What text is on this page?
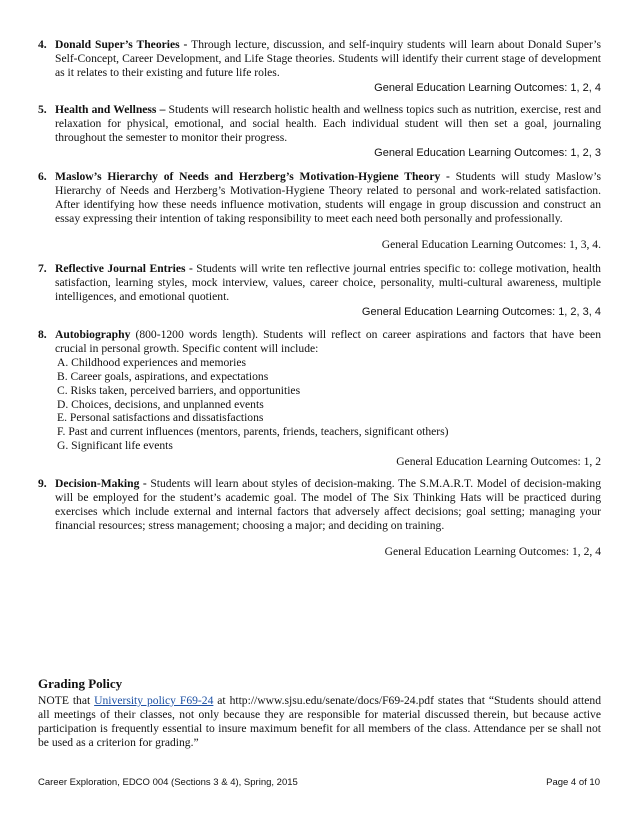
4. Donald Super’s Theories - Through lecture, discussion, and self-inquiry students will learn about Donald Super’s Self-Concept, Career Development, and Life Stage theories. Students will identify their current stage of development as it relates to their existing and future life roles.
General Education Learning Outcomes: 1, 2, 4
5. Health and Wellness – Students will research holistic health and wellness topics such as nutrition, exercise, rest and relaxation for physical, emotional, and social health. Each individual student will then set a goal, journaling throughout the semester to monitor their progress.
General Education Learning Outcomes: 1, 2, 3
6. Maslow’s Hierarchy of Needs and Herzberg’s Motivation-Hygiene Theory - Students will study Maslow’s Hierarchy of Needs and Herzberg’s Motivation-Hygiene Theory related to personal and work-related satisfaction. After identifying how these needs influence motivation, students will engage in group discussion and construct an essay expressing their intention of taking responsibility to meet each need both personally and professionally.
General Education Learning Outcomes: 1, 3, 4.
7. Reflective Journal Entries - Students will write ten reflective journal entries specific to: college motivation, health satisfaction, learning styles, mock interview, values, career choice, personality, multi-cultural awareness, multiple intelligences, and emotional quotient.
General Education Learning Outcomes: 1, 2, 3, 4
8. Autobiography (800-1200 words length). Students will reflect on career aspirations and factors that have been crucial in personal growth. Specific content will include:
A. Childhood experiences and memories
B. Career goals, aspirations, and expectations
C. Risks taken, perceived barriers, and opportunities
D. Choices, decisions, and unplanned events
E. Personal satisfactions and dissatisfactions
F. Past and current influences (mentors, parents, friends, teachers, significant others)
G. Significant life events
General Education Learning Outcomes: 1, 2
9. Decision-Making - Students will learn about styles of decision-making. The S.M.A.R.T. Model of decision-making will be employed for the student’s academic goal. The model of The Six Thinking Hats will be practiced during exercises which include external and internal factors that adversely affect decisions; goal setting; managing your financial resources; stress management; choosing a major; and deciding on training.
General Education Learning Outcomes: 1, 2, 4
Grading Policy
NOTE that University policy F69-24 at http://www.sjsu.edu/senate/docs/F69-24.pdf states that “Students should attend all meetings of their classes, not only because they are responsible for material discussed therein, but because active participation is frequently essential to insure maximum benefit for all members of the class. Attendance per se shall not be used as a criterion for grading.”
Career Exploration, EDCO 004 (Sections 3 & 4), Spring, 2015	Page 4 of 10
